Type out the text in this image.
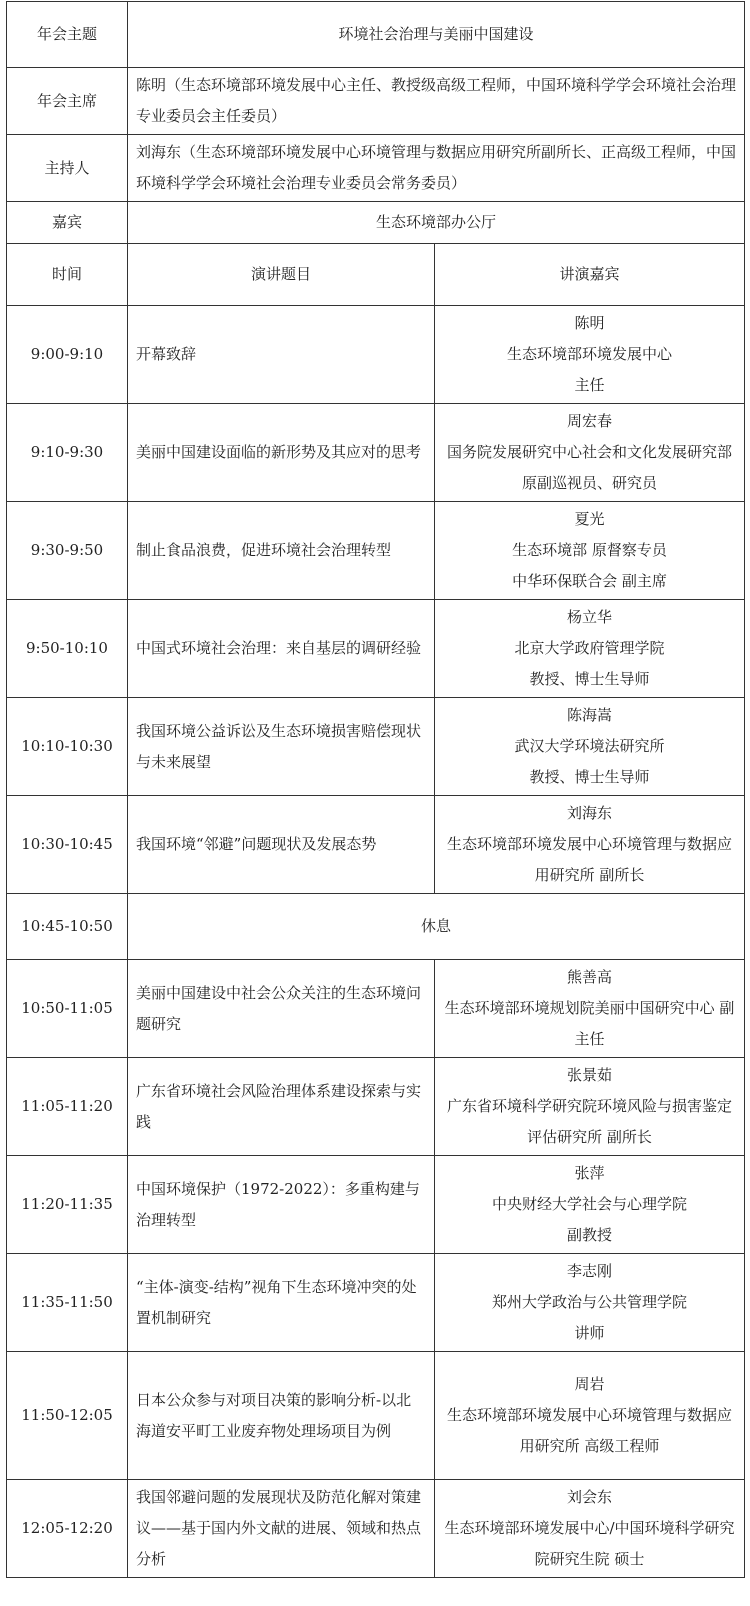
年会主题	环境社会治理与美丽中国建设	
年会主席	陈明（生态环境部环境发展中心主任、教授级高级工程师，中国环境科学学会环境社会治理专业委员会主任委员）	
主持人	刘海东（生态环境部环境发展中心环境管理与数据应用研究所副所长、正高级工程师，中国环境科学学会环境社会治理专业委员会常务委员）	
嘉宾	生态环境部办公厅	
时间	演讲题目	讲演嘉宾
9:00-9:10	开幕致辞	陈明
生态环境部环境发展中心
主任

9:10-9:30	美丽中国建设面临的新形势及其应对的思考	周宏春
国务院发展研究中心社会和文化发展研究部原副巡视员、研究员

9:30-9:50	制止食品浪费，促进环境社会治理转型	夏光
生态环境部 原督察专员
中华环保联合会 副主席

9:50-10:10	中国式环境社会治理：来自基层的调研经验	杨立华
北京大学政府管理学院
教授、博士生导师

10:10-10:30	我国环境公益诉讼及生态环境损害赔偿现状与未来展望	陈海嵩
武汉大学环境法研究所
教授、博士生导师

10:30-10:45	我国环境“邻避”问题现状及发展态势	刘海东
生态环境部环境发展中心环境管理与数据应用研究所 副所长

10:45-10:50	休息	
10:50-11:05	美丽中国建设中社会公众关注的生态环境问题研究	熊善高
生态环境部环境规划院美丽中国研究中心 副主任

11:05-11:20	广东省环境社会风险治理体系建设探索与实践	张景茹
广东省环境科学研究院环境风险与损害鉴定评估研究所 副所长

11:20-11:35	中国环境保护（1972-2022）：多重构建与治理转型	张萍
中央财经大学社会与心理学院
副教授

11:35-11:50	“主体-演变-结构”视角下生态环境冲突的处置机制研究	李志刚
郑州大学政治与公共管理学院
讲师

11:50-12:05	日本公众参与对项目决策的影响分析-以北海道安平町工业废弃物处理场项目为例	周岩
生态环境部环境发展中心环境管理与数据应用研究所 高级工程师

12:05-12:20	我国邻避问题的发展现状及防范化解对策建议——基于国内外文献的进展、领域和热点分析	刘会东
生态环境部环境发展中心/中国环境科学研究院研究生院 硕士
